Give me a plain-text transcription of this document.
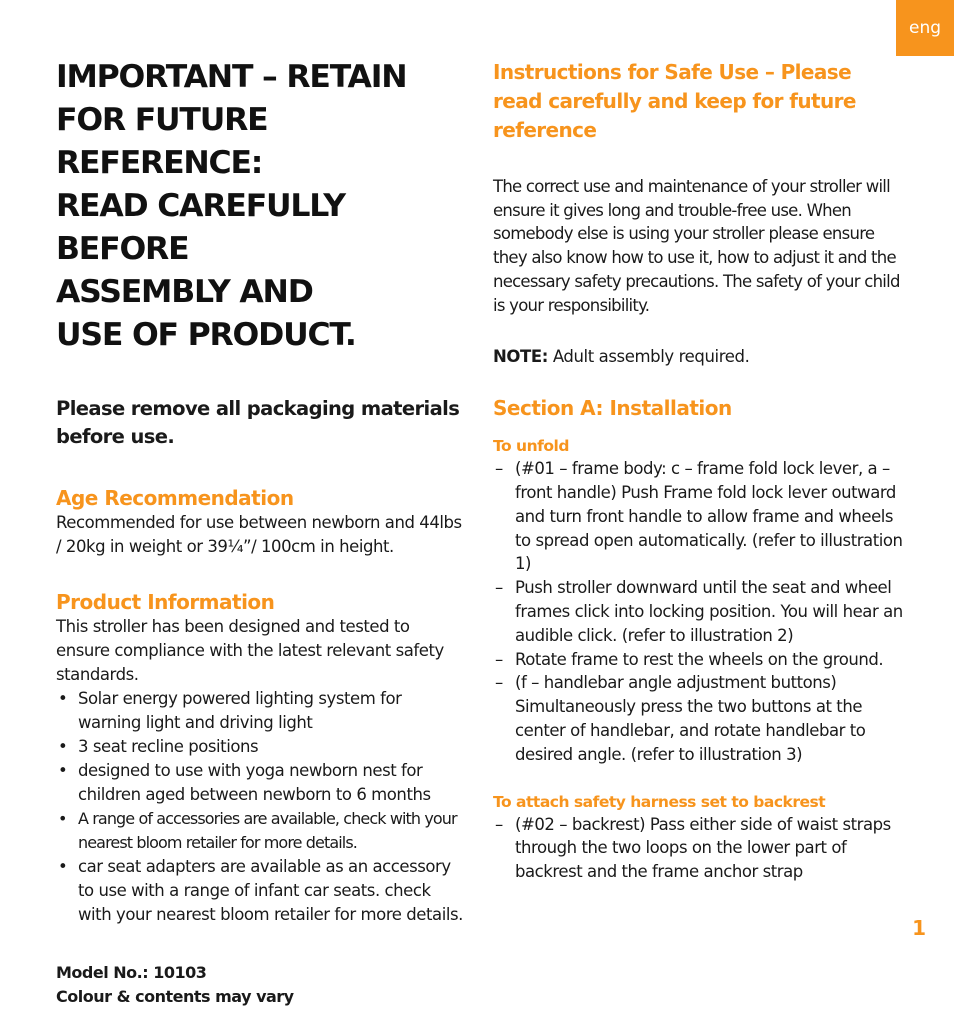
eng
IMPORTANT – RETAIN
FOR FUTURE REFERENCE:
READ CAREFULLY BEFORE
ASSEMBLY AND
USE OF PRODUCT.

Please remove all packaging materials before use.

Age Recommendation

Recommended for use between newborn and 44lbs / 20kg in weight or 39¼”/ 100cm in height.

Product Information

This stroller has been designed and tested to ensure compliance with the latest relevant safety standards.

• Solar energy powered lighting system for warning light and driving light
• 3 seat recline positions
• designed to use with yoga newborn nest for children aged between newborn to 6 months
• A range of accessories are available, check with your nearest bloom retailer for more details.
• car seat adapters are available as an accessory to use with a range of infant car seats. check with your nearest bloom retailer for more details.
Model No.: 10103
Colour & contents may vary
Instructions for Safe Use – Please read carefully and keep for future reference

The correct use and maintenance of your stroller will ensure it gives long and trouble-free use. When somebody else is using your stroller please ensure they also know how to use it, how to adjust it and the necessary safety precautions. The safety of your child is your responsibility.

NOTE: Adult assembly required.
Section A: Installation
To unfold
– (#01 – frame body: c – frame fold lock lever, a – front handle) Push Frame fold lock lever outward and turn front handle to allow frame and wheels to spread open automatically. (refer to illustration 1)
– Push stroller downward until the seat and wheel frames click into locking position. You will hear an audible click. (refer to illustration 2)
– Rotate frame to rest the wheels on the ground.
– (f – handlebar angle adjustment buttons) Simultaneously press the two buttons at the center of handlebar, and rotate handlebar to desired angle. (refer to illustration 3)
To attach safety harness set to backrest
– (#02 – backrest) Pass either side of waist straps through the two loops on the lower part of backrest and the frame anchor strap
1
